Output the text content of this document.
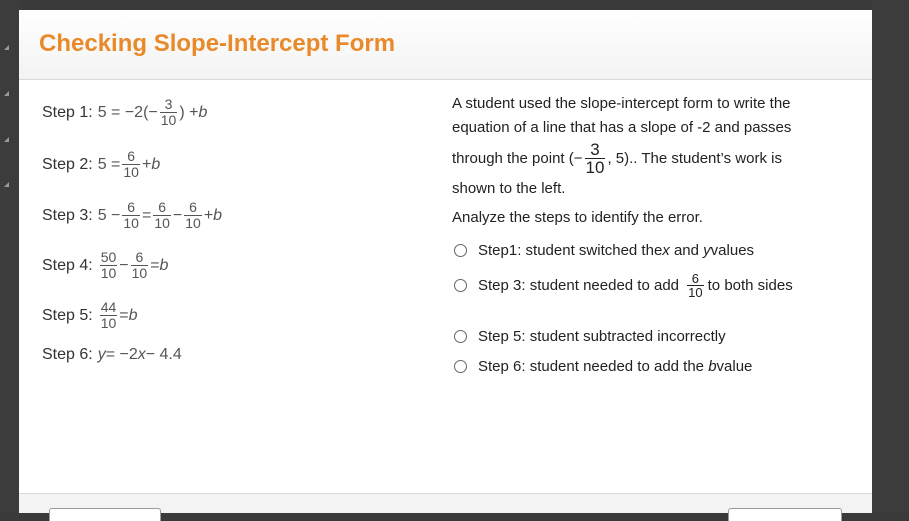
Checking Slope-Intercept Form
Step 1: $5 = -2(- \frac{3}{10}$ ) + b
Step 2: $5 = \frac{6}{10} + b$
Step 3: $5 - \frac{6}{10} = \frac{6}{10} - \frac{6}{10} + b$
Step 4: $\frac{50}{10} - \frac{6}{10} = b$
Step 5: $\frac{44}{10} = b$
Step 6: y = −2 x − 4.4
A student used the slope-intercept form to write the
equation of a line that has a slope of -2 and passes
through the point (− $\frac{3}{10}$ , 5).. The student’s work is
shown to the left.
Analyze the steps to identify the error.
Step1: student switched the x and y values
Step 3: student needed to add $\frac{6}{10}$ to both sides
Step 5: student subtracted incorrectly
Step 6: student needed to add the b value
